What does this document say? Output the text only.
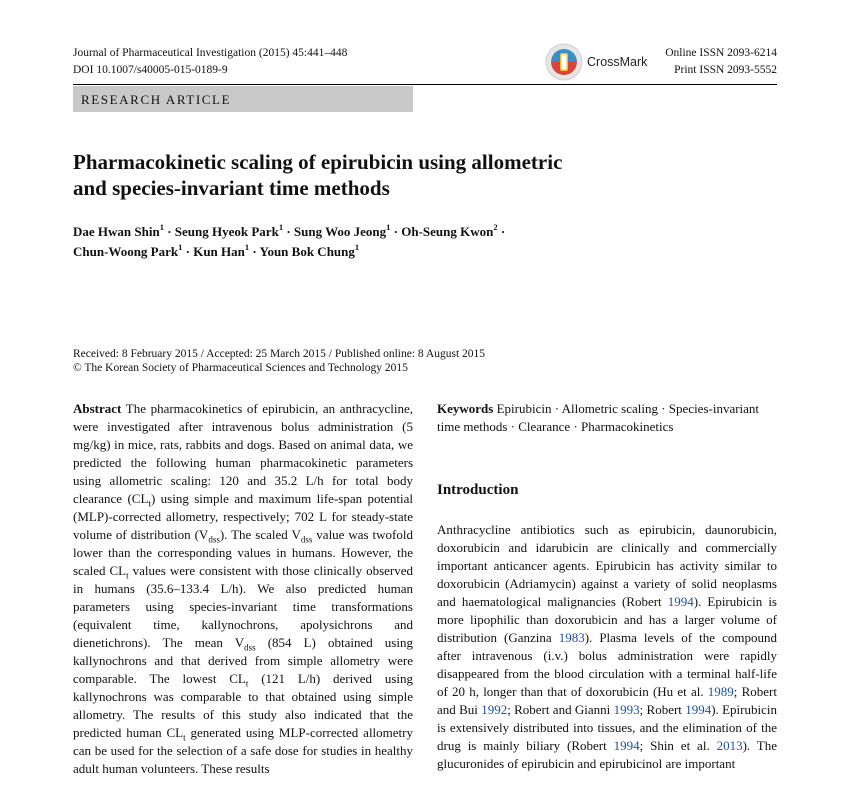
Journal of Pharmaceutical Investigation (2015) 45:441–448
DOI 10.1007/s40005-015-0189-9
CrossMark
Online ISSN 2093-6214
Print ISSN 2093-5552
RESEARCH ARTICLE
Pharmacokinetic scaling of epirubicin using allometric
and species-invariant time methods
Dae Hwan Shin$^1$ · Seung Hyeok Park$^1$ · Sung Woo Jeong$^1$ · Oh-Seung Kwon$^2$ ·
Chun-Woong Park$^1$ · Kun Han$^1$ · Youn Bok Chung$^1$
Received: 8 February 2015 / Accepted: 25 March 2015 / Published online: 8 August 2015
© The Korean Society of Pharmaceutical Sciences and Technology 2015

Abstract The pharmacokinetics of epirubicin, an anthracycline, were investigated after intravenous bolus administration (5 mg/kg) in mice, rats, rabbits and dogs. Based on animal data, we predicted the following human pharmacokinetic parameters using allometric scaling: 120 and 35.2 L/h for total body clearance $(CL_t)$ using simple and maximum life-span potential (MLP)-corrected allometry, respectively; 702 L for steady-state volume of distribution $(V_{dss})$. The scaled $V_{dss}$ value was twofold lower than the corresponding values in humans. However, the scaled $CL_t$ values were consistent with those clinically observed in humans (35.6–133.4 L/h). We also predicted human parameters using species-invariant time transformations (equivalent time, kallynochrons, apolysichrons and dienetichrons). The mean $V_{dss}$ (854 L) obtained using kallynochrons and that derived from simple allometry were comparable. The lowest $CL_t$ (121 L/h) derived using kallynochrons was comparable to that obtained using simple allometry. The results of this study also indicated that the predicted human $CL_t$ generated using MLP-corrected allometry can be used for the selection of a safe dose for studies in healthy adult human volunteers. These results

Keywords Epirubicin · Allometric scaling · Species-invariant time methods · Clearance · Pharmacokinetics

Introduction

Anthracycline antibiotics such as epirubicin, daunorubicin, doxorubicin and idarubicin are clinically and commercially important anticancer agents. Epirubicin has activity similar to doxorubicin (Adriamycin) against a variety of solid neoplasms and haematological malignancies (Robert 1994). Epirubicin is more lipophilic than doxorubicin and has a larger volume of distribution (Ganzina 1983). Plasma levels of the compound after intravenous (i.v.) bolus administration were rapidly disappeared from the blood circulation with a terminal half-life of 20 h, longer than that of doxorubicin (Hu et al. 1989; Robert and Bui 1992; Robert and Gianni 1993; Robert 1994). Epirubicin is extensively distributed into tissues, and the elimination of the drug is mainly biliary (Robert 1994; Shin et al. 2013). The glucuronides of epirubicin and epirubicinol are important
